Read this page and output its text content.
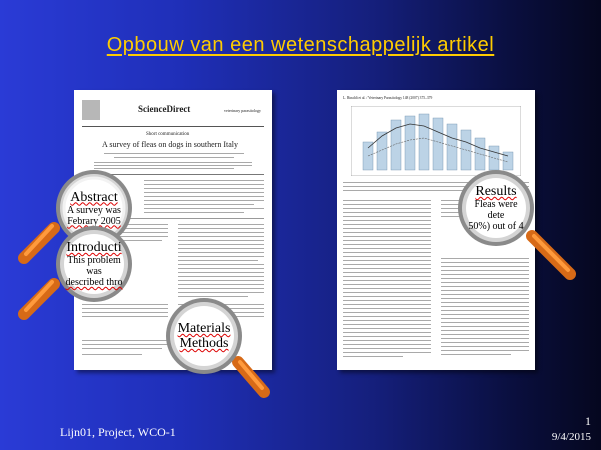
Opbouw van een wetenschappelijk artikel
ScienceDirect	veterinary parasitology
Short communication
A survey of fleas on dogs in southern Italy
L. Rinaldi et al. / Veterinary Parasitology 148 (2007) 375–379
Abstract
A survey was
Febrary 2005
Introducti
This problem was
described thro
Materials
Methods
Results
Fleas were dete
50%) out of 4
Lijn01, Project, WCO-1
1
9/4/2015
